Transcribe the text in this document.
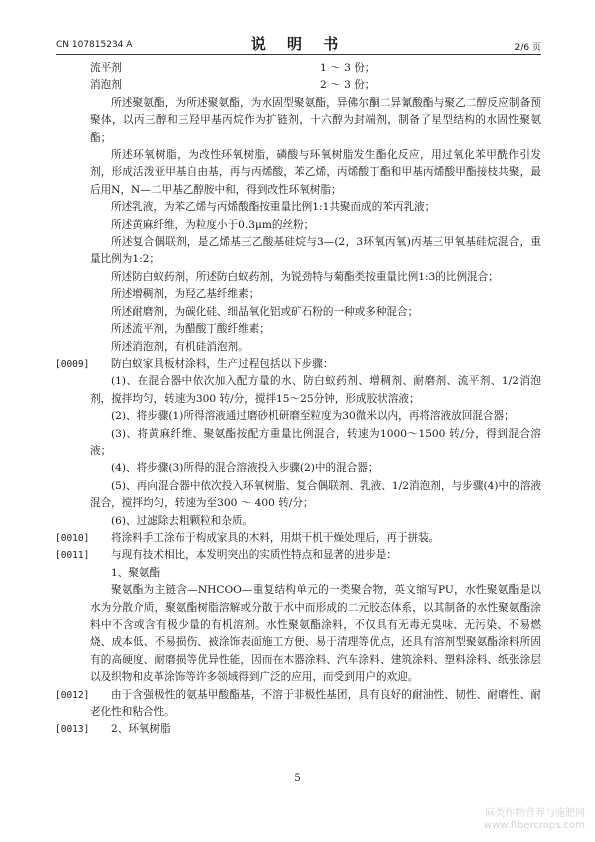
CN 107815234 A	说 明 书	2/6 页
流平剂	1 ～ 3 份；
消泡剂	2 ～ 3 份；

所述聚氨酯，为所述聚氨酯，为水固型聚氨酯，异佛尔酮二异氰酸酯与聚乙二醇反应制备预聚体，以丙三醇和三羟甲基丙烷作为扩链剂，十六醇为封端剂，制备了星型结构的水固性聚氨酯；

所述环氧树脂，为改性环氧树脂，磷酸与环氧树脂发生酯化反应，用过氧化苯甲酰作引发剂，形成活泼亚甲基自由基，再与丙烯酸，苯乙烯，丙烯酸丁酯和甲基丙烯酸甲酯接枝共聚，最后用N，N—二甲基乙醇胺中和，得到改性环氧树脂；

所述乳液，为苯乙烯与丙烯酸酯按重量比例1:1共聚而成的苯丙乳液；

所述黄麻纤维，为粒度小于0.3μm的丝粉；

所述复合偶联剂，是乙烯基三乙酸基硅烷与3—(2，3环氧丙氧)丙基三甲氧基硅烷混合，重量比例为1:2；

所述防白蚁药剂，所述防白蚁药剂，为锐劲特与菊酯类按重量比例1:3的比例混合；

所述增稠剂，为羟乙基纤维素；

所述耐磨剂，为碳化硅、细晶氧化铝或矿石粉的一种或多种混合；

所述流平剂，为醋酸丁酸纤维素；

所述消泡剂，有机硅消泡剂。

[0009]	防白蚁家具板材涂料，生产过程包括以下步骤：

(1)、在混合器中依次加入配方量的水、防白蚁药剂、增稠剂、耐磨剂、流平剂、1/2消泡剂，搅拌均匀，转速为300 转/分，搅拌15～25分钟，形成胶状溶液；

(2)、将步骤(1)所得溶液通过磨砂机研磨至粒度为30微米以内，再将溶液放回混合器；

(3)、将黄麻纤维、聚氨酯按配方重量比例混合，转速为1000～1500 转/分，得到混合溶液；

(4)、将步骤(3)所得的混合溶液投入步骤(2)中的混合器；

(5)、再向混合器中依次投入环氧树脂、复合偶联剂、乳液、1/2消泡剂，与步骤(4)中的溶液混合，搅拌均匀，转速为至300 ～ 400 转/分；

(6)、过滤除去粗颗粒和杂质。

[0010]	将涂料手工涂布于构成家具的木料，用烘干机干燥处理后，再于拼装。

[0011]	与现有技术相比，本发明突出的实质性特点和显著的进步是：

1、聚氨酯

聚氨酯为主链含—NHCOO—重复结构单元的一类聚合物，英文缩写PU，水性聚氨酯是以水为分散介质，聚氨酯树脂溶解或分散于水中而形成的二元胶态体系，以其制备的水性聚氨酯涂料中不含或含有极少量的有机溶剂。水性聚氨酯涂料，不仅具有无毒无臭味、无污染、不易燃烧、成本低、不易损伤、被涂饰表面施工方便、易于清理等优点，还具有溶剂型聚氨酯涂料所固有的高硬度、耐磨损等优异性能，因而在木器涂料、汽车涂料、建筑涂料、塑料涂料、纸张涂层以及织物和皮革涂饰等许多领域得到广泛的应用，而受到用户的欢迎。

[0012]	由于含强极性的氨基甲酸酯基，不溶于非极性基团，具有良好的耐油性、韧性、耐磨性、耐老化性和粘合性。

[0013]	2、环氧树脂

5
麻类作物营养与施肥网
www.fibercrops.com
